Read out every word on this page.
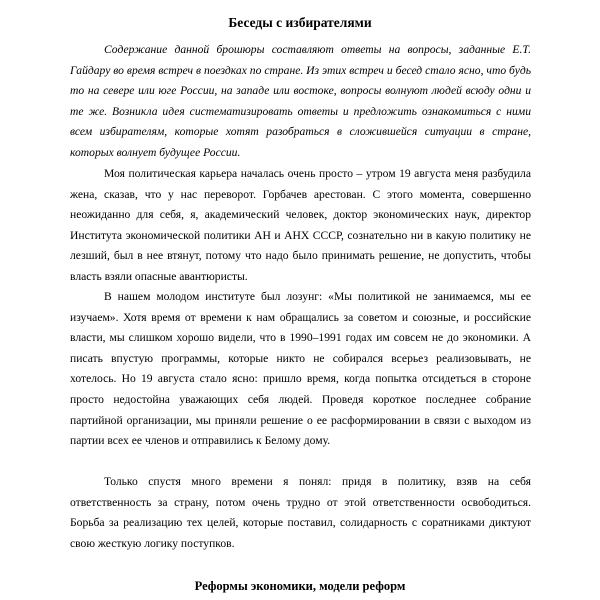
Беседы с избирателями

Содержание данной брошюры составляют ответы на вопросы, заданные Е.Т. Гайдару во время встреч в поездках по стране. Из этих встреч и бесед стало ясно, что будь то на севере или юге России, на западе или востоке, вопросы волнуют людей всюду одни и те же. Возникла идея систематизировать ответы и предложить ознакомиться с ними всем избирателям, которые хотят разобраться в сложившейся ситуации в стране, которых волнует будущее России.

Моя политическая карьера началась очень просто – утром 19 августа меня разбудила жена, сказав, что у нас переворот. Горбачев арестован. С этого момента, совершенно неожиданно для себя, я, академический человек, доктор экономических наук, директор Института экономической политики АН и АНХ СССР, сознательно ни в какую политику не лезший, был в нее втянут, потому что надо было принимать решение, не допустить, чтобы власть взяли опасные авантюристы.

В нашем молодом институте был лозунг: «Мы политикой не занимаемся, мы ее изучаем». Хотя время от времени к нам обращались за советом и союзные, и российские власти, мы слишком хорошо видели, что в 1990–1991 годах им совсем не до экономики. А писать впустую программы, которые никто не собирался всерьез реализовывать, не хотелось. Но 19 августа стало ясно: пришло время, когда попытка отсидеться в стороне просто недостойна уважающих себя людей. Проведя короткое последнее собрание партийной организации, мы приняли решение о ее расформировании в связи с выходом из партии всех ее членов и отправились к Белому дому.

Только спустя много времени я понял: придя в политику, взяв на себя ответственность за страну, потом очень трудно от этой ответственности освободиться. Борьба за реализацию тех целей, которые поставил, солидарность с соратниками диктуют свою жесткую логику поступков.

Реформы экономики, модели реформ
